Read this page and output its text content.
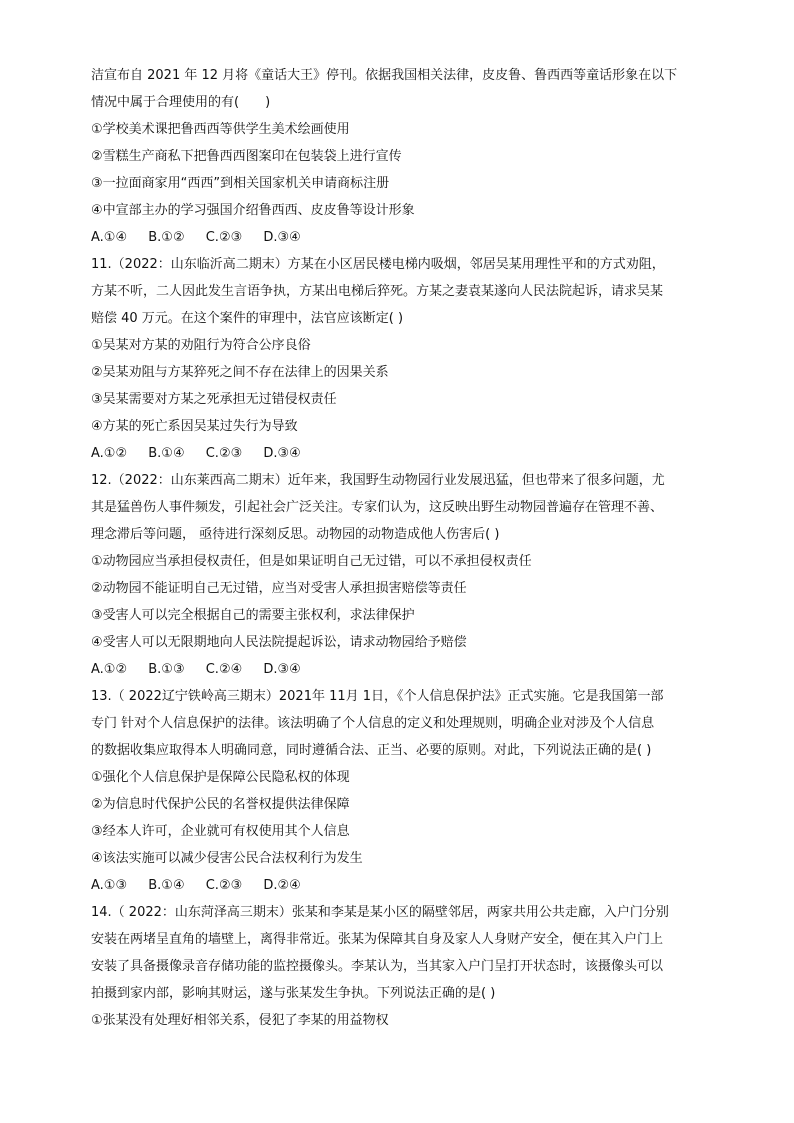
洁宣布自 2021 年 12 月将《童话大王》停刊。依据我国相关法律，皮皮鲁、鲁西西等童话形象在以下
情况中属于合理使用的有(　　)
①学校美术课把鲁西西等供学生美术绘画使用
②雪糕生产商私下把鲁西西图案印在包装袋上进行宣传
③一拉面商家用“西西”到相关国家机关申请商标注册
④中宣部主办的学习强国介绍鲁西西、皮皮鲁等设计形象
A.①④　 B.①②　 C.②③　 D.③④
11.（2022：山东临沂高二期末）方某在小区居民楼电梯内吸烟，邻居吴某用理性平和的方式劝阻，
方某不听，二人因此发生言语争执，方某出电梯后猝死。方某之妻袁某遂向人民法院起诉，请求吴某
赔偿 40 万元。在这个案件的审理中，法官应该断定( )
①吴某对方某的劝阻行为符合公序良俗
②吴某劝阻与方某猝死之间不存在法律上的因果关系
③吴某需要对方某之死承担无过错侵权责任
④方某的死亡系因吴某过失行为导致
A.①②　 B.①④　 C.②③　 D.③④
12.（2022：山东莱西高二期末）近年来，我国野生动物园行业发展迅猛，但也带来了很多问题，尤
其是猛兽伤人事件频发，引起社会广泛关注。专家们认为，这反映出野生动物园普遍存在管理不善、
理念滞后等问题， 亟待进行深刻反思。动物园的动物造成他人伤害后( )
①动物园应当承担侵权责任，但是如果证明自己无过错，可以不承担侵权责任
②动物园不能证明自己无过错，应当对受害人承担损害赔偿等责任
③受害人可以完全根据自己的需要主张权利，求法律保护
④受害人可以无限期地向人民法院提起诉讼，请求动物园给予赔偿
A.①②　 B.①③　 C.②④　 D.③④
13.（ 2022辽宁铁岭高三期末）2021年 11月 1日，《个人信息保护法》正式实施。它是我国第一部
专门 针对个人信息保护的法律。该法明确了个人信息的定义和处理规则，明确企业对涉及个人信息
的数据收集应取得本人明确同意，同时遵循合法、正当、必要的原则。对此，下列说法正确的是( )
①强化个人信息保护是保障公民隐私权的体现
②为信息时代保护公民的名誉权提供法律保障
③经本人许可，企业就可有权使用其个人信息
④该法实施可以减少侵害公民合法权利行为发生
A.①③　 B.①④　 C.②③　 D.②④
14.（ 2022：山东菏泽高三期末）张某和李某是某小区的隔壁邻居，两家共用公共走廊，入户门分别
安装在两堵呈直角的墙壁上，离得非常近。张某为保障其自身及家人人身财产安全，便在其入户门上
安装了具备摄像录音存储功能的监控摄像头。李某认为，当其家入户门呈打开状态时，该摄像头可以
拍摄到家内部，影响其财运，遂与张某发生争执。下列说法正确的是( )
①张某没有处理好相邻关系，侵犯了李某的用益物权
